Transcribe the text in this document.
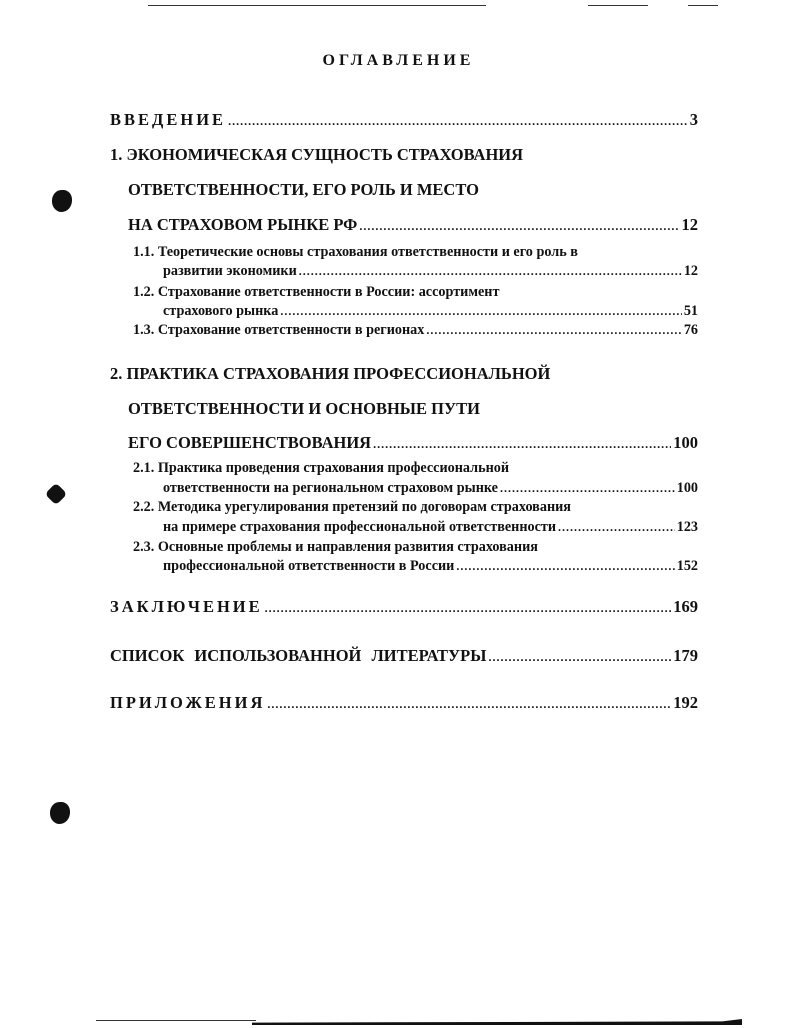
ОГЛАВЛЕНИЕ
ВВЕДЕНИЕ .....	3
1. ЭКОНОМИЧЕСКАЯ СУЩНОСТЬ СТРАХОВАНИЯ
ОТВЕТСТВЕННОСТИ, ЕГО РОЛЬ И МЕСТО
НА СТРАХОВОМ РЫНКЕ РФ .....	12
1.1. Теоретические основы страхования ответственности и его роль в
развитии экономики .....	12
1.2. Страхование ответственности в России: ассортимент
страхового рынка .....	51
1.3. Страхование ответственности в регионах .....	76
2. ПРАКТИКА СТРАХОВАНИЯ ПРОФЕССИОНАЛЬНОЙ
ОТВЕТСТВЕННОСТИ И ОСНОВНЫЕ ПУТИ
ЕГО СОВЕРШЕНСТВОВАНИЯ .....	100
2.1. Практика проведения страхования профессиональной
ответственности на региональном страховом рынке .....	100
2.2. Методика урегулирования претензий по договорам страхования
на примере страхования профессиональной ответственности .....	123
2.3. Основные проблемы и направления развития страхования
профессиональной ответственности в России .....	152
ЗАКЛЮЧЕНИЕ .....	169
СПИСОК ИСПОЛЬЗОВАННОЙ ЛИТЕРАТУРЫ .....	179
ПРИЛОЖЕНИЯ .....	192
